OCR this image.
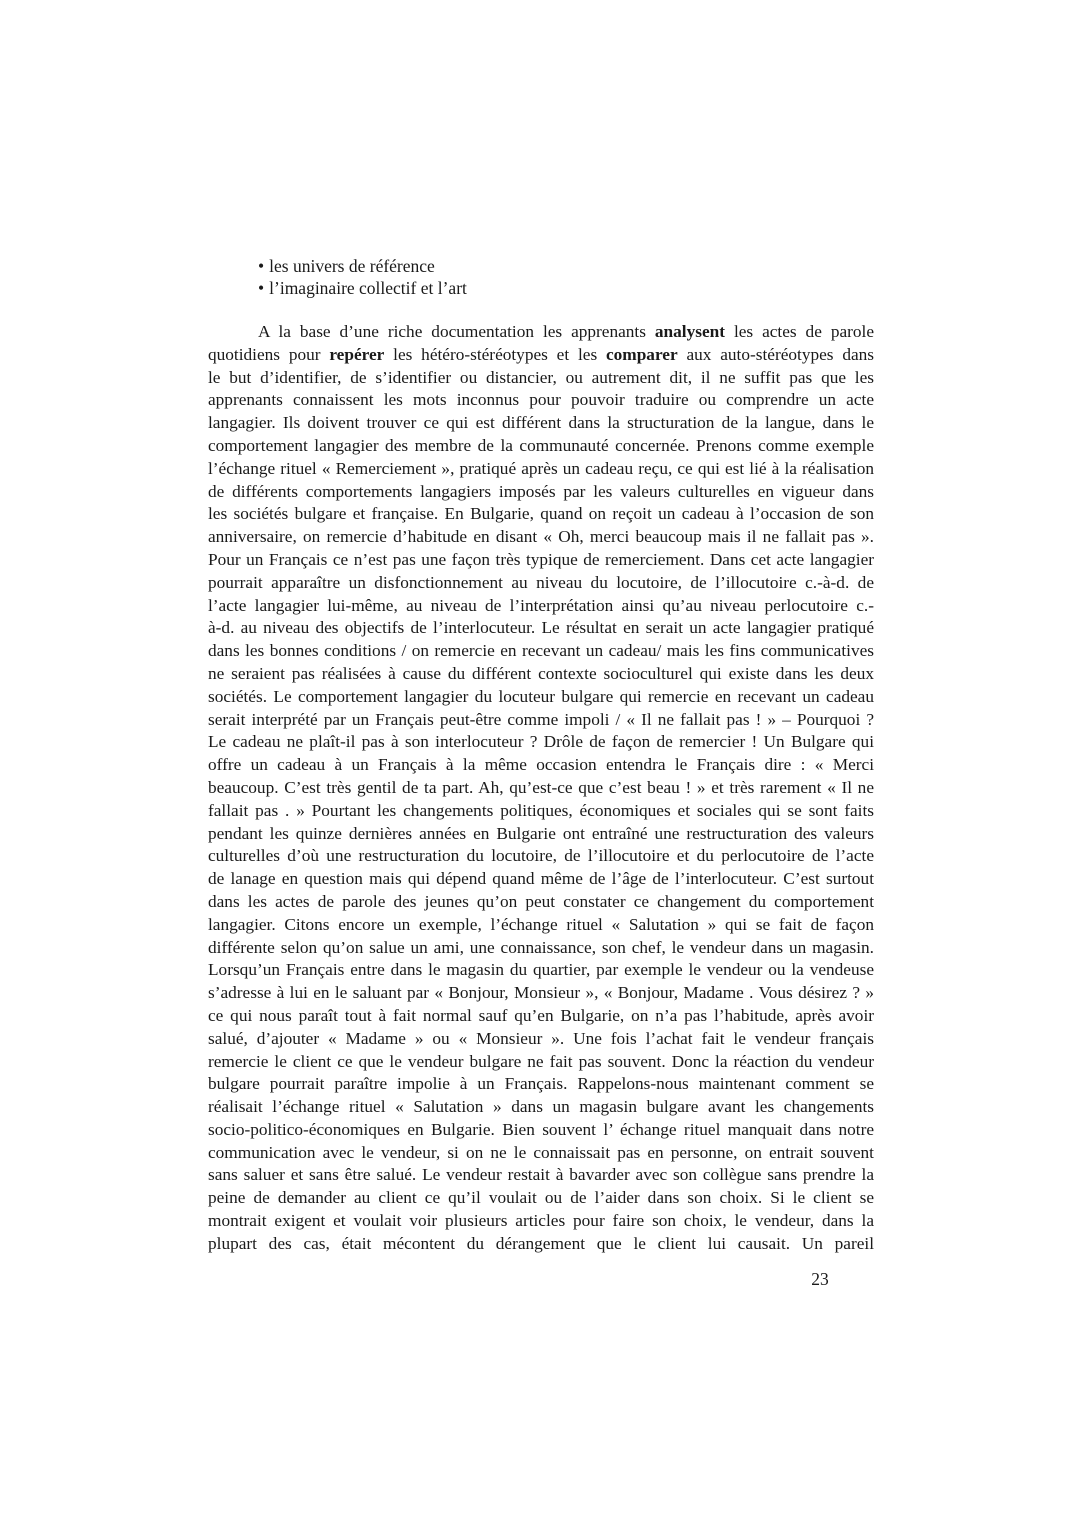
• les univers de référence
• l’imaginaire collectif et l’art
A la base d’une riche documentation les apprenants analysent les actes de parole
quotidiens pour repérer les hétéro-stéréotypes et les comparer aux auto-stéréotypes dans
le but d’identifier, de s’identifier ou distancier, ou autrement dit, il ne suffit pas que les
apprenants connaissent les mots inconnus pour pouvoir traduire ou comprendre un acte
langagier. Ils doivent trouver ce qui est différent dans la structuration de la langue, dans le
comportement langagier des membre de la communauté concernée. Prenons comme exemple
l’échange rituel « Remerciement », pratiqué après un cadeau reçu, ce qui est lié à la réalisation
de différents comportements langagiers imposés par les valeurs culturelles en vigueur dans
les sociétés bulgare et française. En Bulgarie, quand on reçoit un cadeau à l’occasion de son
anniversaire, on remercie d’habitude en disant « Oh, merci beaucoup mais il ne fallait pas ».
Pour un Français ce n’est pas une façon très typique de remerciement. Dans cet acte langagier
pourrait apparaître un disfonctionnement au niveau du locutoire, de l’illocutoire c.-à-d. de
l’acte langagier lui-même, au niveau de l’interprétation ainsi qu’au niveau perlocutoire c.-
à-d. au niveau des objectifs de l’interlocuteur. Le résultat en serait un acte langagier pratiqué
dans les bonnes conditions / on remercie en recevant un cadeau/ mais les fins communicatives
ne seraient pas réalisées à cause du différent contexte socioculturel qui existe dans les deux
sociétés. Le comportement langagier du locuteur bulgare qui remercie en recevant un cadeau
serait interprété par un Français peut-être comme impoli / « Il ne fallait pas ! » – Pourquoi ?
Le cadeau ne plaît-il pas à son interlocuteur ? Drôle de façon de remercier ! Un Bulgare qui
offre un cadeau à un Français à la même occasion entendra le Français dire : « Merci
beaucoup. C’est très gentil de ta part. Ah, qu’est-ce que c’est beau ! » et très rarement « Il ne
fallait pas . » Pourtant les changements politiques, économiques et sociales qui se sont faits
pendant les quinze dernières années en Bulgarie ont entraîné une restructuration des valeurs
culturelles d’où une restructuration du locutoire, de l’illocutoire et du perlocutoire de l’acte
de lanage en question mais qui dépend quand même de l’âge de l’interlocuteur. C’est surtout
dans les actes de parole des jeunes qu’on peut constater ce changement du comportement
langagier. Citons encore un exemple, l’échange rituel « Salutation » qui se fait de façon
différente selon qu’on salue un ami, une connaissance, son chef, le vendeur dans un magasin.
Lorsqu’un Français entre dans le magasin du quartier, par exemple le vendeur ou la vendeuse
s’adresse à lui en le saluant par « Bonjour, Monsieur », « Bonjour, Madame . Vous désirez ? »
ce qui nous paraît tout à fait normal sauf qu’en Bulgarie, on n’a pas l’habitude, après avoir
salué, d’ajouter « Madame » ou « Monsieur ». Une fois l’achat fait le vendeur français
remercie le client ce que le vendeur bulgare ne fait pas souvent. Donc la réaction du vendeur
bulgare pourrait paraître impolie à un Français. Rappelons-nous maintenant comment se
réalisait l’échange rituel « Salutation » dans un magasin bulgare avant les changements
socio-politico-économiques en Bulgarie. Bien souvent l’ échange rituel manquait dans notre
communication avec le vendeur, si on ne le connaissait pas en personne, on entrait souvent
sans saluer et sans être salué. Le vendeur restait à bavarder avec son collègue sans prendre la
peine de demander au client ce qu’il voulait ou de l’aider dans son choix. Si le client se
montrait exigent et voulait voir plusieurs articles pour faire son choix, le vendeur, dans la
plupart des cas, était mécontent du dérangement que le client lui causait. Un pareil
23
